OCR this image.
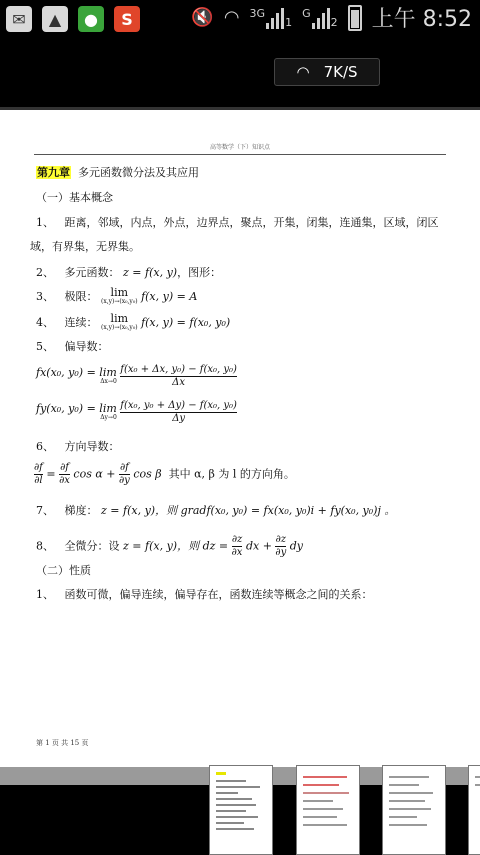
✉	▲	●	S	🔇 ◠ 3G
1
G
2 上午 8:52
◠ 7K/S
高等数学（下）知识点
第九章 多元函数微分法及其应用
（一）基本概念
1、 距离，邻域，内点，外点，边界点，聚点，开集，闭集，连通集，区域，闭区
域，有界集，无界集。
2、 多元函数： z = f(x, y)，图形：
3、 极限：	lim
(x,y)→(x₀,y₀) f(x, y) = A
4、 连续：	lim
(x,y)→(x₀,y₀) f(x, y) = f(x₀, y₀)
5、 偏导数：
fx(x₀, y₀) = lim
Δx→0
$\frac{\text{f(x₀ + Δx, y₀) − f(x₀, y₀)}}{\Delta x}$
fy(x₀, y₀) = lim
Δy→0
$\frac{\text{f(x₀, y₀ + Δy) − f(x₀, y₀)}}{\Delta y}$
6、 方向导数：
$\frac{\partial f}{\partial l} = \frac{\partial f}{\partial x}$ $\cos \alpha + \frac{\partial f}{\partial y}$ cos β 其中 α, β 为 l 的方向角。
7、 梯度： z = f(x, y)，则 gradf(x₀, y₀) = fx(x₀, y₀)i + fy(x₀, y₀)j 。
8、 全微分：设 z = f(x, y)，则 dz = $\frac{\partial z}{\partial x}$ dx + $\frac{\partial z}{\partial y}$ dy
（二）性质
1、 函数可微，偏导连续，偏导存在，函数连续等概念之间的关系：
第 1 页 共 15 页
